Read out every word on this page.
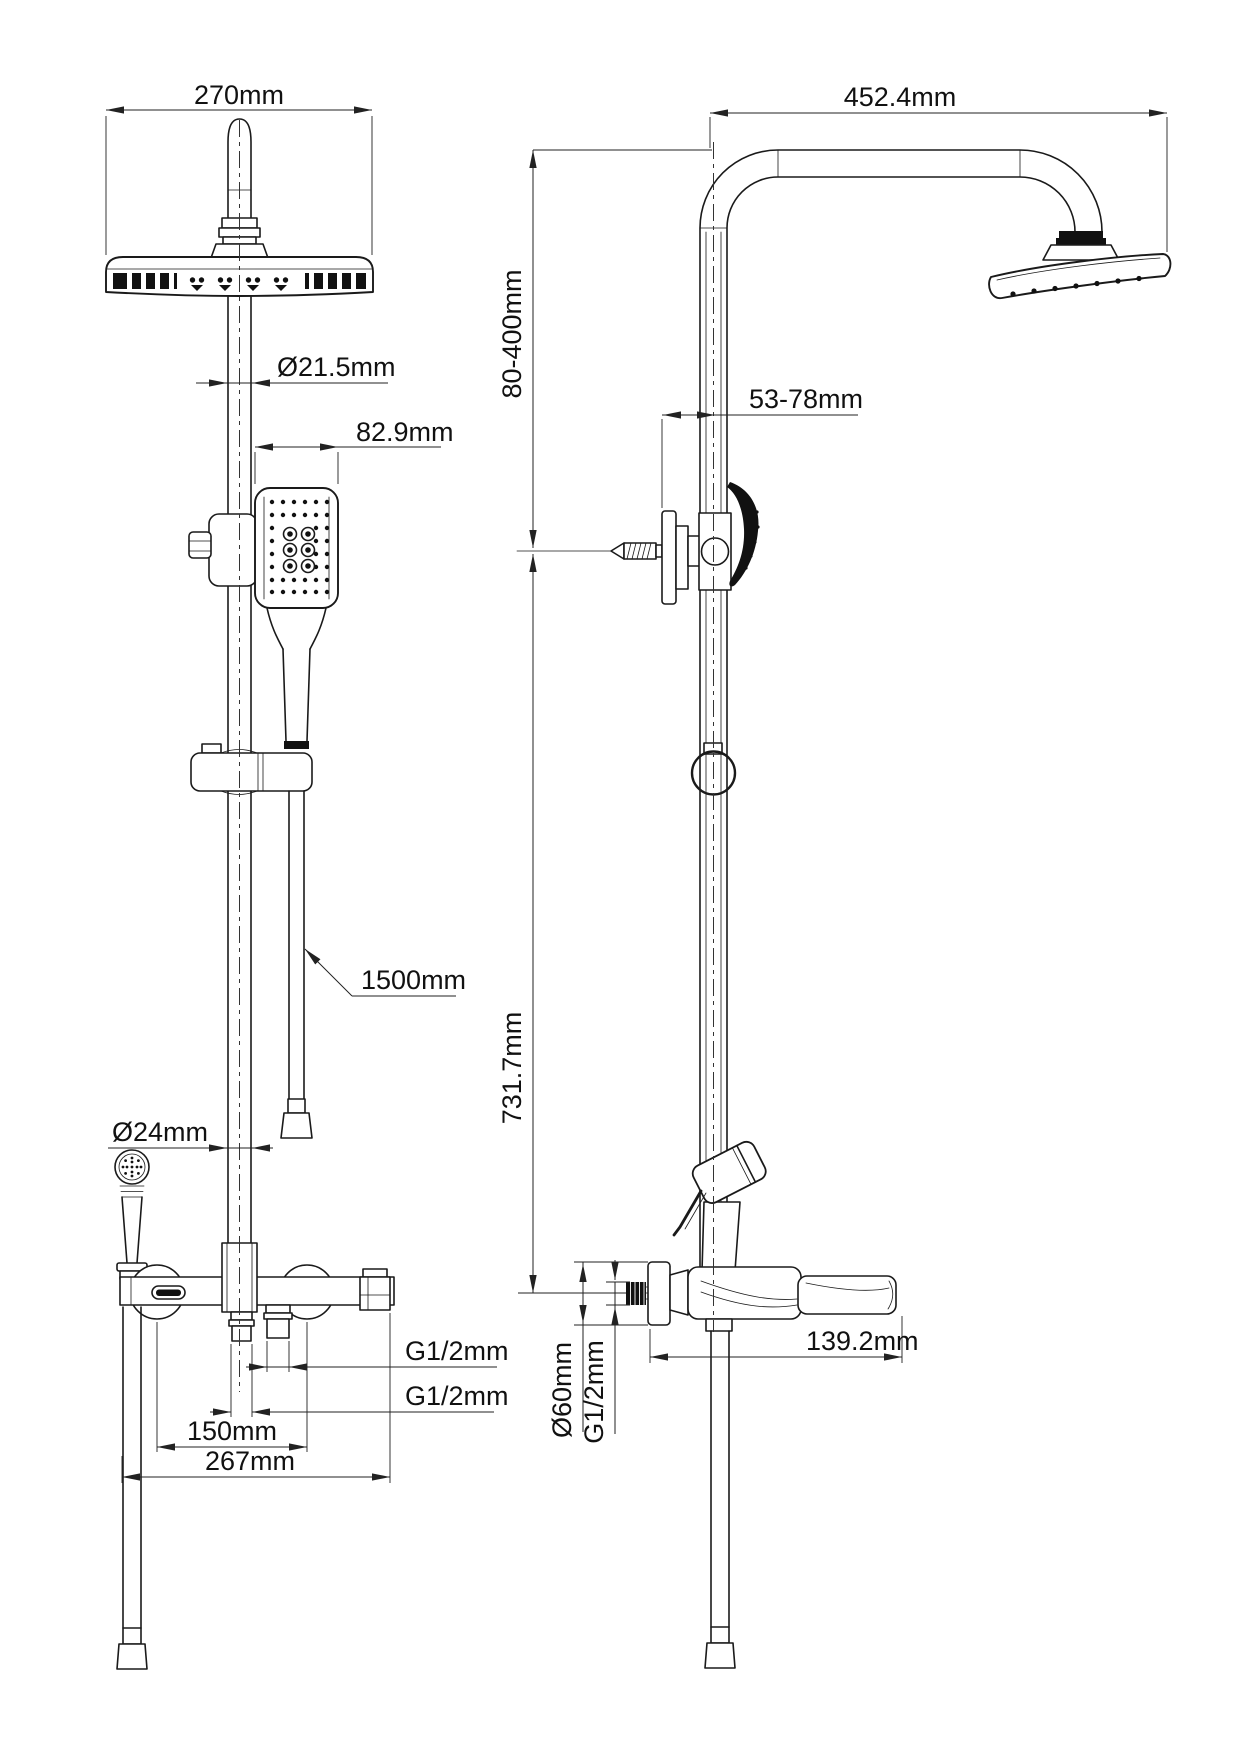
270mm
Ø21.5mm
82.9mm
1500mm
Ø24mm
G1/2mm
G1/2mm
150mm
267mm
452.4mm
80-400mm
731.7mm
53-78mm
139.2mm
Ø60mm G1/2mm
